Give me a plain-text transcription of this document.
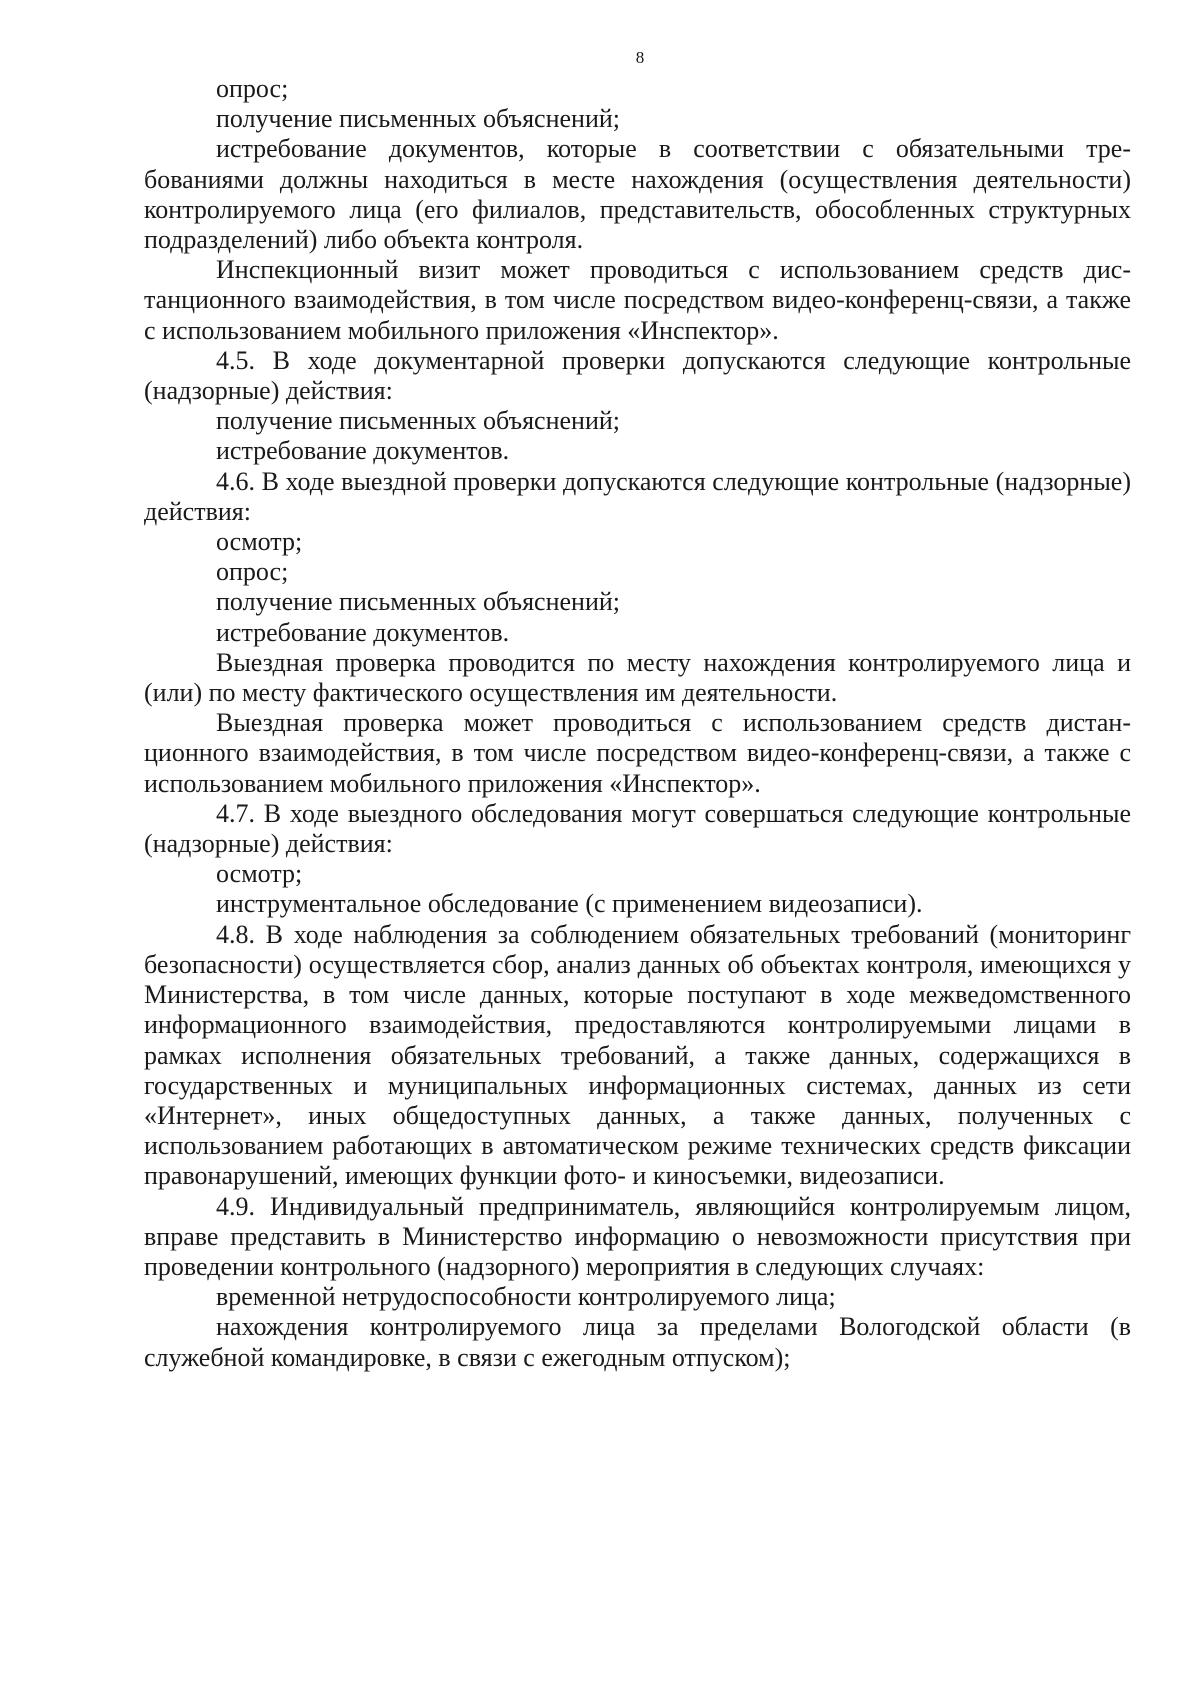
8

опрос;

получение письменных объяснений;

истребование документов, которые в соответствии с обязательными требованиями должны находиться в месте нахождения (осуществления деятельности) контролируемого лица (его филиалов, представительств, обособленных структурных подразделений) либо объекта контроля.

Инспекционный визит может проводиться с использованием средств дистанционного взаимодействия, в том числе посредством видео-конференц-связи, а также с использованием мобильного приложения «Инспектор».

4.5. В ходе документарной проверки допускаются следующие контрольные (надзорные) действия:

получение письменных объяснений;

истребование документов.

4.6. В ходе выездной проверки допускаются следующие контрольные (надзорные) действия:

осмотр;

опрос;

получение письменных объяснений;

истребование документов.

Выездная проверка проводится по месту нахождения контролируемого лица и (или) по месту фактического осуществления им деятельности.

Выездная проверка может проводиться с использованием средств дистанционного взаимодействия, в том числе посредством видео-конференц-связи, а также с использованием мобильного приложения «Инспектор».

4.7. В ходе выездного обследования могут совершаться следующие контрольные (надзорные) действия:

осмотр;

инструментальное обследование (с применением видеозаписи).

4.8. В ходе наблюдения за соблюдением обязательных требований (мониторинг безопасности) осуществляется сбор, анализ данных об объектах контроля, имеющихся у Министерства, в том числе данных, которые поступают в ходе межведомственного информационного взаимодействия, предоставляются контролируемыми лицами в рамках исполнения обязательных требований, а также данных, содержащихся в государственных и муниципальных информационных системах, данных из сети «Интернет», иных общедоступных данных, а также данных, полученных с использованием работающих в автоматическом режиме технических средств фиксации правонарушений, имеющих функции фото- и киносъемки, видеозаписи.

4.9. Индивидуальный предприниматель, являющийся контролируемым лицом, вправе представить в Министерство информацию о невозможности присутствия при проведении контрольного (надзорного) мероприятия в следующих случаях:

временной нетрудоспособности контролируемого лица;

нахождения контролируемого лица за пределами Вологодской области (в служебной командировке, в связи с ежегодным отпуском);
